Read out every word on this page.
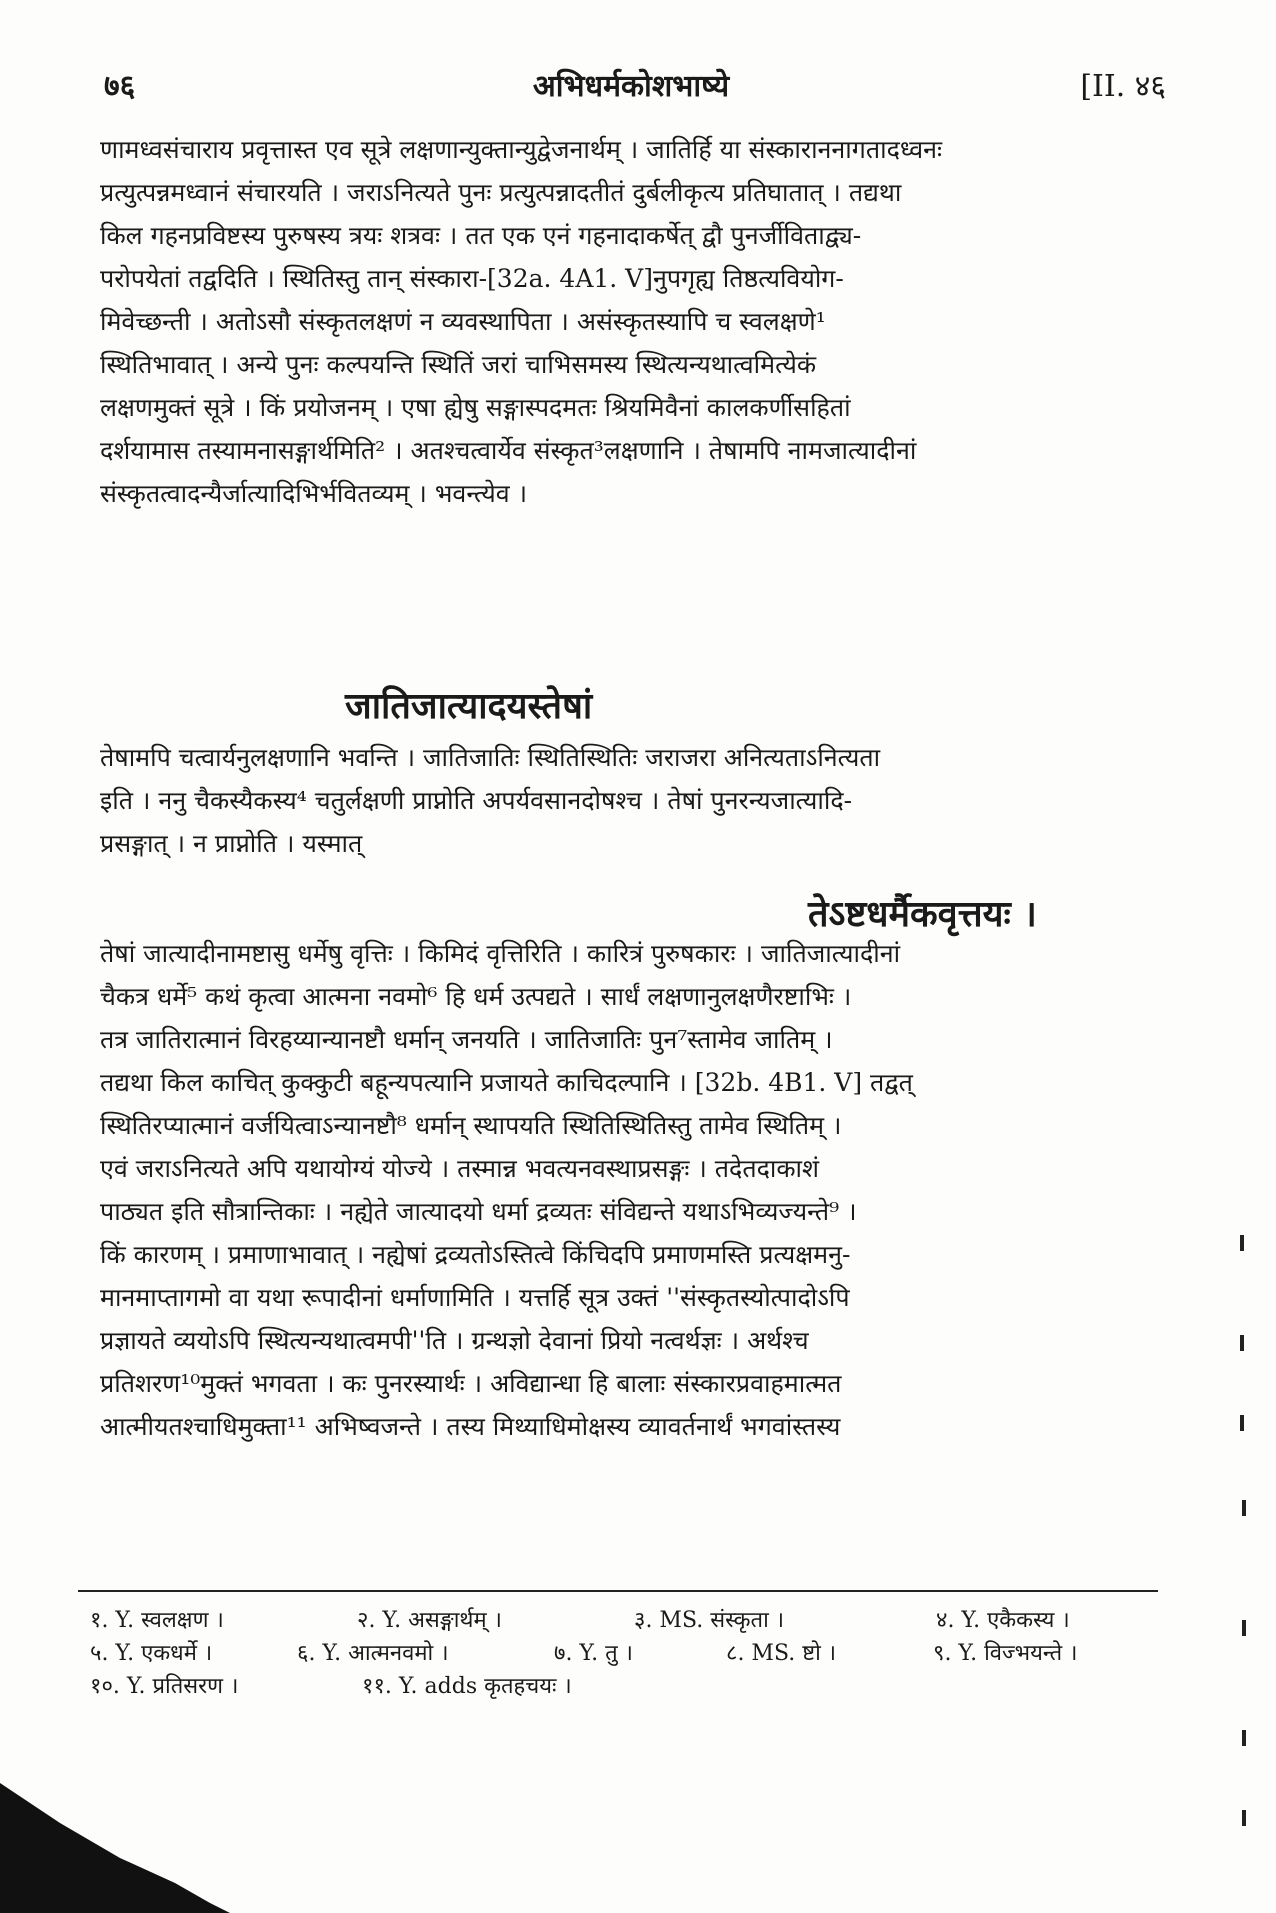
७६	अभिधर्मकोशभाष्ये	[II. ४६
णामध्वसंचाराय प्रवृत्तास्त एव सूत्रे लक्षणान्युक्तान्युद्वेजनार्थम् । जातिर्हि या संस्काराननागतादध्वनः
प्रत्युत्पन्नमध्वानं संचारयति । जराऽनित्यते पुनः प्रत्युत्पन्नादतीतं दुर्बलीकृत्य प्रतिघातात् । तद्यथा
किल गहनप्रविष्टस्य पुरुषस्य त्रयः शत्रवः । तत एक एनं गहनादाकर्षेत् द्वौ पुनर्जीविताद्व्य-
परोपयेतां तद्वदिति । स्थितिस्तु तान् संस्कारा-[32a. 4A1. V]नुपगृह्य तिष्ठत्यवियोग-
मिवेच्छन्ती । अतोऽसौ संस्कृतलक्षणं न व्यवस्थापिता । असंस्कृतस्यापि च स्वलक्षणे¹
स्थितिभावात् । अन्ये पुनः कल्पयन्ति स्थितिं जरां चाभिसमस्य स्थित्यन्यथात्वमित्येकं
लक्षणमुक्तं सूत्रे । किं प्रयोजनम् । एषा ह्येषु सङ्गास्पदमतः श्रियमिवैनां कालकर्णीसहितां
दर्शयामास तस्यामनासङ्गार्थमिति² । अतश्चत्वार्येव संस्कृत³लक्षणानि । तेषामपि नामजात्यादीनां
संस्कृतत्वादन्यैर्जात्यादिभिर्भवितव्यम् । भवन्त्येव ।
जातिजात्यादयस्तेषां
तेषामपि चत्वार्यनुलक्षणानि भवन्ति । जातिजातिः स्थितिस्थितिः जराजरा अनित्यताऽनित्यता
इति । ननु चैकस्यैकस्य⁴ चतुर्लक्षणी प्राप्नोति अपर्यवसानदोषश्च । तेषां पुनरन्यजात्यादि-
प्रसङ्गात् । न प्राप्नोति । यस्मात्
तेऽष्टधर्मैकवृत्तयः ।
तेषां जात्यादीनामष्टासु धर्मेषु वृत्तिः । किमिदं वृत्तिरिति । कारित्रं पुरुषकारः । जातिजात्यादीनां
चैकत्र धर्मे⁵ कथं कृत्वा आत्मना नवमो⁶ हि धर्म उत्पद्यते । सार्धं लक्षणानुलक्षणैरष्टाभिः ।
तत्र जातिरात्मानं विरहय्यान्यानष्टौ धर्मान् जनयति । जातिजातिः पुन⁷स्तामेव जातिम् ।
तद्यथा किल काचित् कुक्कुटी बहून्यपत्यानि प्रजायते काचिदल्पानि । [32b. 4B1. V] तद्वत्
स्थितिरप्यात्मानं वर्जयित्वाऽन्यानष्टौ⁸ धर्मान् स्थापयति स्थितिस्थितिस्तु तामेव स्थितिम् ।
एवं जराऽनित्यते अपि यथायोग्यं योज्ये । तस्मान्न भवत्यनवस्थाप्रसङ्गः । तदेतदाकाशं
पाठ्यत इति सौत्रान्तिकाः । नह्येते जात्यादयो धर्मा द्रव्यतः संविद्यन्ते यथाऽभिव्यज्यन्ते⁹ ।
किं कारणम् । प्रमाणाभावात् । नह्येषां द्रव्यतोऽस्तित्वे किंचिदपि प्रमाणमस्ति प्रत्यक्षमनु-
मानमाप्तागमो वा यथा रूपादीनां धर्माणामिति । यत्तर्हि सूत्र उक्तं ''संस्कृतस्योत्पादोऽपि
प्रज्ञायते व्ययोऽपि स्थित्यन्यथात्वमपी''ति । ग्रन्थज्ञो देवानां प्रियो नत्वर्थज्ञः । अर्थश्च
प्रतिशरण¹⁰मुक्तं भगवता । कः पुनरस्यार्थः । अविद्यान्धा हि बालाः संस्कारप्रवाहमात्मत
आत्मीयतश्चाधिमुक्ता¹¹ अभिष्वजन्ते । तस्य मिथ्याधिमोक्षस्य व्यावर्तनार्थं भगवांस्तस्य
१. Y. स्वलक्षण ।	२. Y. असङ्गार्थम् ।	३. MS. संस्कृता ।	४. Y. एकैकस्य ।
५. Y. एकधर्मे ।	६. Y. आत्मनवमो ।	७. Y. तु ।	८. MS. ष्टो ।	९. Y. विज्भयन्ते ।
१०. Y. प्रतिसरण ।	११. Y. adds कृतहचयः ।
